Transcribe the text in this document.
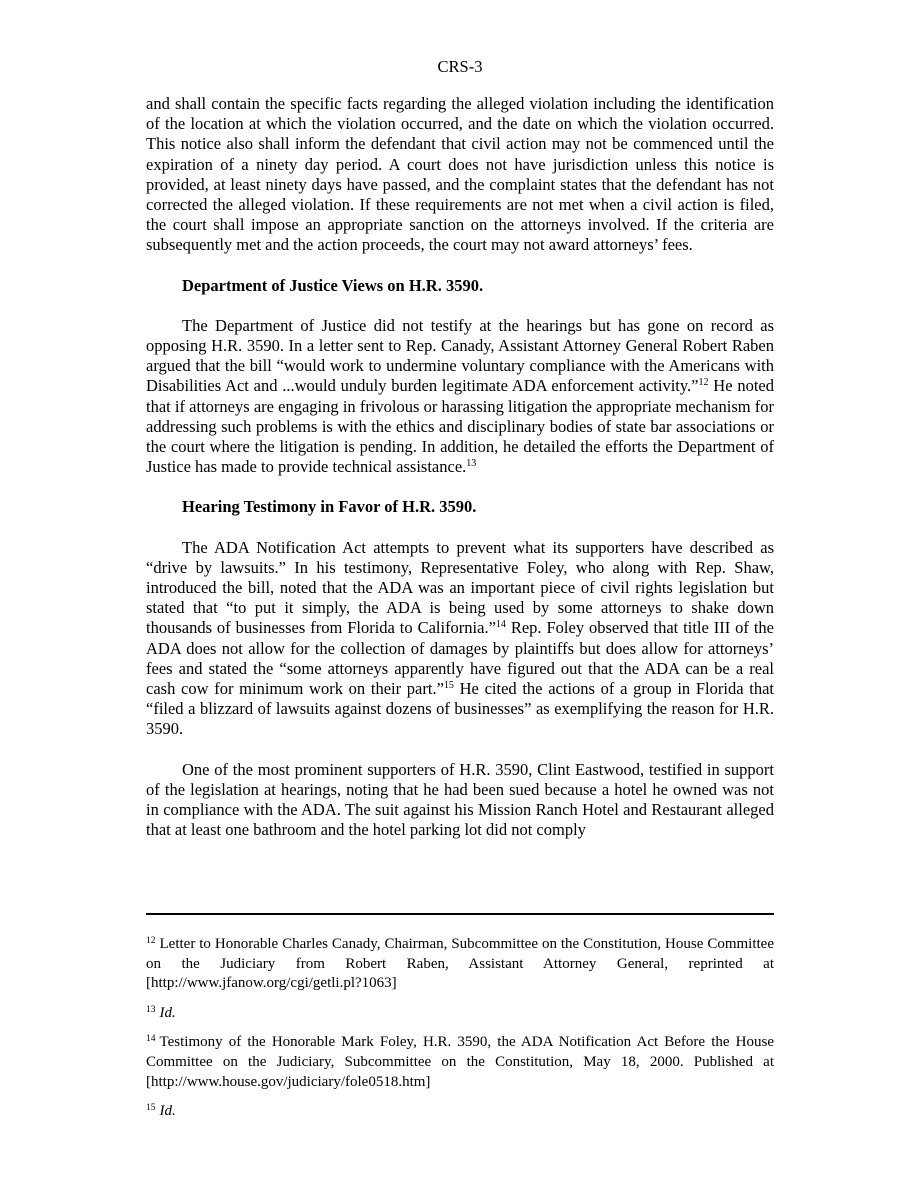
CRS-3

and shall contain the specific facts regarding the alleged violation including the identification of the location at which the violation occurred, and the date on which the violation occurred. This notice also shall inform the defendant that civil action may not be commenced until the expiration of a ninety day period. A court does not have jurisdiction unless this notice is provided, at least ninety days have passed, and the complaint states that the defendant has not corrected the alleged violation. If these requirements are not met when a civil action is filed, the court shall impose an appropriate sanction on the attorneys involved. If the criteria are subsequently met and the action proceeds, the court may not award attorneys’ fees.

Department of Justice Views on H.R. 3590.

The Department of Justice did not testify at the hearings but has gone on record as opposing H.R. 3590. In a letter sent to Rep. Canady, Assistant Attorney General Robert Raben argued that the bill “would work to undermine voluntary compliance with the Americans with Disabilities Act and ...would unduly burden legitimate ADA enforcement activity.”$^{12}$ He noted that if attorneys are engaging in frivolous or harassing litigation the appropriate mechanism for addressing such problems is with the ethics and disciplinary bodies of state bar associations or the court where the litigation is pending. In addition, he detailed the efforts the Department of Justice has made to provide technical assistance.$^{13}$

Hearing Testimony in Favor of H.R. 3590.

The ADA Notification Act attempts to prevent what its supporters have described as “drive by lawsuits.” In his testimony, Representative Foley, who along with Rep. Shaw, introduced the bill, noted that the ADA was an important piece of civil rights legislation but stated that “to put it simply, the ADA is being used by some attorneys to shake down thousands of businesses from Florida to California.”$^{14}$ Rep. Foley observed that title III of the ADA does not allow for the collection of damages by plaintiffs but does allow for attorneys’ fees and stated the “some attorneys apparently have figured out that the ADA can be a real cash cow for minimum work on their part.”$^{15}$ He cited the actions of a group in Florida that “filed a blizzard of lawsuits against dozens of businesses” as exemplifying the reason for H.R. 3590.

One of the most prominent supporters of H.R. 3590, Clint Eastwood, testified in support of the legislation at hearings, noting that he had been sued because a hotel he owned was not in compliance with the ADA. The suit against his Mission Ranch Hotel and Restaurant alleged that at least one bathroom and the hotel parking lot did not comply

$^{12}$ Letter to Honorable Charles Canady, Chairman, Subcommittee on the Constitution, House Committee on the Judiciary from Robert Raben, Assistant Attorney General, reprinted at [http://www.jfanow.org/cgi/getli.pl?1063]

$^{13}$ Id.

$^{14}$ Testimony of the Honorable Mark Foley, H.R. 3590, the ADA Notification Act Before the House Committee on the Judiciary, Subcommittee on the Constitution, May 18, 2000. Published at [http://www.house.gov/judiciary/fole0518.htm]

$^{15}$ Id.
